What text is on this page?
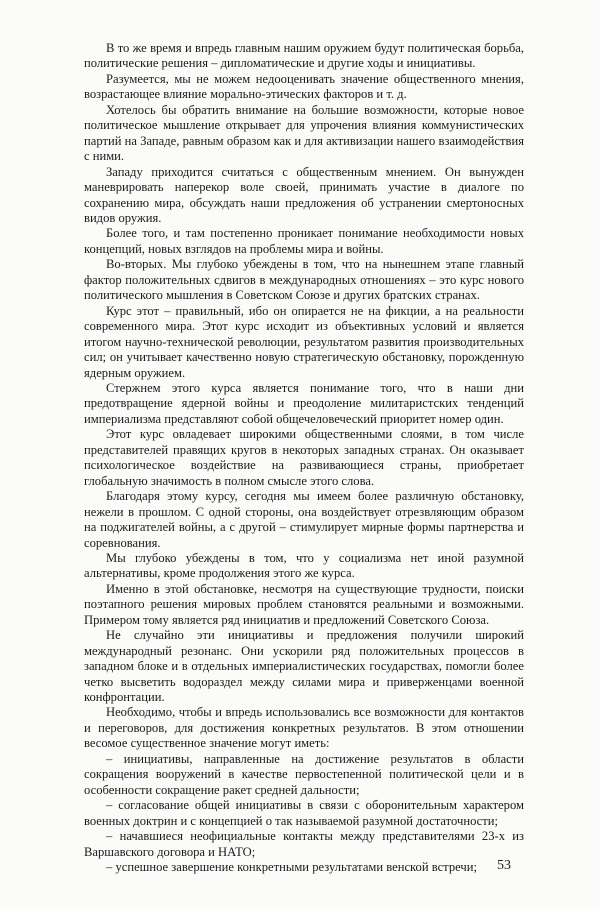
В то же время и впредь главным нашим оружием будут политическая борьба, политические решения – дипломатические и другие ходы и инициативы.

Разумеется, мы не можем недооценивать значение общественного мнения, возрастающее влияние морально-этических факторов и т. д.

Хотелось бы обратить внимание на большие возможности, которые новое политическое мышление открывает для упрочения влияния коммунистических партий на Западе, равным образом как и для активизации нашего взаимодействия с ними.

Западу приходится считаться с общественным мнением. Он вынужден маневрировать наперекор воле своей, принимать участие в диалоге по сохранению мира, обсуждать наши предложения об устранении смертоносных видов оружия.

Более того, и там постепенно проникает понимание необходимости новых концепций, новых взглядов на проблемы мира и войны.

Во-вторых. Мы глубоко убеждены в том, что на нынешнем этапе главный фактор положительных сдвигов в международных отношениях – это курс нового политического мышления в Советском Союзе и других братских странах.

Курс этот – правильный, ибо он опирается не на фикции, а на реальности современного мира. Этот курс исходит из объективных условий и является итогом научно-технической революции, результатом развития производительных сил; он учитывает качественно новую стратегическую обстановку, порожденную ядерным оружием.

Стержнем этого курса является понимание того, что в наши дни предотвращение ядерной войны и преодоление милитаристских тенденций империализма представляют собой общечеловеческий приоритет номер один.

Этот курс овладевает широкими общественными слоями, в том числе представителей правящих кругов в некоторых западных странах. Он оказывает психологическое воздействие на развивающиеся страны, приобретает глобальную значимость в полном смысле этого слова.

Благодаря этому курсу, сегодня мы имеем более различную обстановку, нежели в прошлом. С одной стороны, она воздействует отрезвляющим образом на поджигателей войны, а с другой – стимулирует мирные формы партнерства и соревнования.

Мы глубоко убеждены в том, что у социализма нет иной разумной альтернативы, кроме продолжения этого же курса.

Именно в этой обстановке, несмотря на существующие трудности, поиски поэтапного решения мировых проблем становятся реальными и возможными. Примером тому является ряд инициатив и предложений Советского Союза.

Не случайно эти инициативы и предложения получили широкий международный резонанс. Они ускорили ряд положительных процессов в западном блоке и в отдельных империалистических государствах, помогли более четко высветить водораздел между силами мира и приверженцами военной конфронтации.

Необходимо, чтобы и впредь использовались все возможности для контактов и переговоров, для достижения конкретных результатов. В этом отношении весомое существенное значение могут иметь:

– инициативы, направленные на достижение результатов в области сокращения вооружений в качестве первостепенной политической цели и в особенности сокращение ракет средней дальности;

– согласование общей инициативы в связи с оборонительным характером военных доктрин и с концепцией о так называемой разумной достаточности;

– начавшиеся неофициальные контакты между представителями 23-х из Варшавского договора и НАТО;

– успешное завершение конкретными результатами венской встречи;	53
